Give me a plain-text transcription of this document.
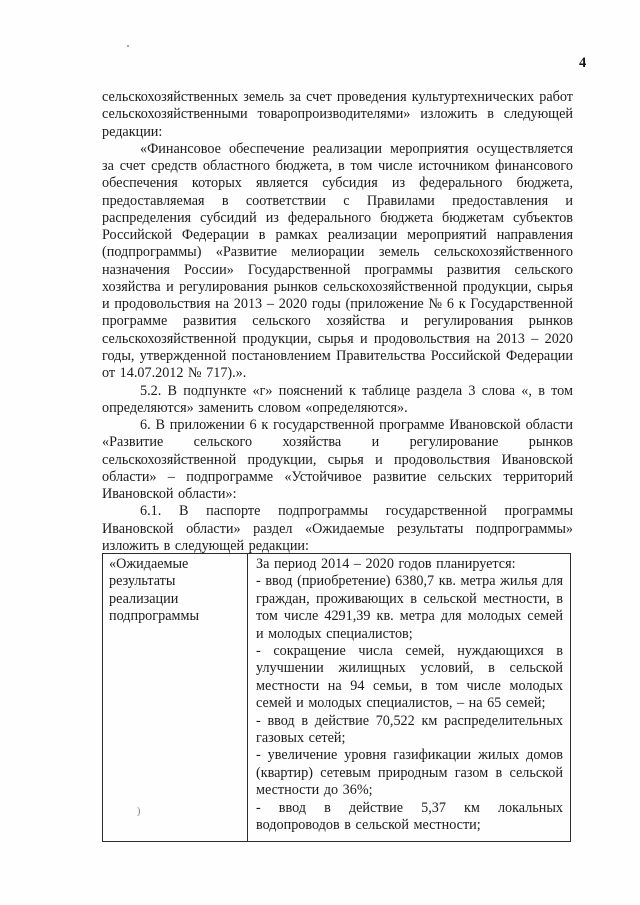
4

сельскохозяйственных земель за счет проведения культуртехнических работ сельскохозяйственными товаропроизводителями» изложить в следующей редакции:

«Финансовое обеспечение реализации мероприятия осуществляется за счет средств областного бюджета, в том числе источником финансового обеспечения которых является субсидия из федерального бюджета, предоставляемая в соответствии с Правилами предоставления и распределения субсидий из федерального бюджета бюджетам субъектов Российской Федерации в рамках реализации мероприятий направления (подпрограммы) «Развитие мелиорации земель сельскохозяйственного назначения России» Государственной программы развития сельского хозяйства и регулирования рынков сельскохозяйственной продукции, сырья и продовольствия на 2013 – 2020 годы (приложение № 6 к Государственной программе развития сельского хозяйства и регулирования рынков сельскохозяйственной продукции, сырья и продовольствия на 2013 – 2020 годы, утвержденной постановлением Правительства Российской Федерации от 14.07.2012 № 717).».

5.2. В подпункте «г» пояснений к таблице раздела 3 слова «, в том определяются» заменить словом «определяются».

6. В приложении 6 к государственной программе Ивановской области «Развитие сельского хозяйства и регулирование рынков сельскохозяйственной продукции, сырья и продовольствия Ивановской области» – подпрограмме «Устойчивое развитие сельских территорий Ивановской области»:

6.1. В паспорте подпрограммы государственной программы Ивановской области» раздел «Ожидаемые результаты подпрограммы» изложить в следующей редакции:

«Ожидаемые результаты реализации подпрограммы

)

За период 2014 – 2020 годов планируется:

- ввод (приобретение) 6380,7 кв. метра жилья для граждан, проживающих в сельской местности, в том числе 4291,39 кв. метра для молодых семей и молодых специалистов;

- сокращение числа семей, нуждающихся в улучшении жилищных условий, в сельской местности на 94 семьи, в том числе молодых семей и молодых специалистов, – на 65 семей;

- ввод в действие 70,522 км распределительных газовых сетей;

- увеличение уровня газификации жилых домов (квартир) сетевым природным газом в сельской местности до 36%;

- ввод в действие 5,37 км локальных водопроводов в сельской местности;
